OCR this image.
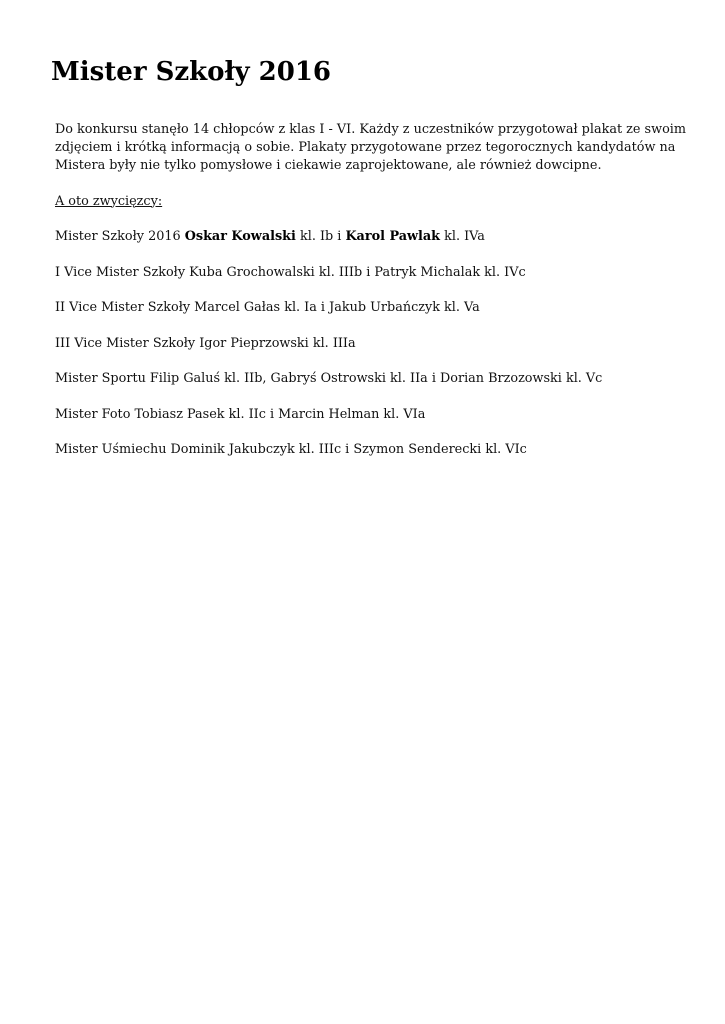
Mister Szkoły 2016

Do konkursu stanęło 14 chłopców z klas I - VI. Każdy z uczestników przygotował plakat ze swoim
zdjęciem i krótką informacją o sobie. Plakaty przygotowane przez tegorocznych kandydatów na
Mistera były nie tylko pomysłowe i ciekawie zaprojektowane, ale również dowcipne.

A oto zwycięzcy:

Mister Szkoły 2016 Oskar Kowalski kl. Ib i Karol Pawlak kl. IVa

I Vice Mister Szkoły Kuba Grochowalski kl. IIIb i Patryk Michalak kl. IVc

II Vice Mister Szkoły Marcel Gałas kl. Ia i Jakub Urbańczyk kl. Va

III Vice Mister Szkoły Igor Pieprzowski kl. IIIa

Mister Sportu Filip Galuś kl. IIb, Gabryś Ostrowski kl. IIa i Dorian Brzozowski kl. Vc

Mister Foto Tobiasz Pasek kl. IIc i Marcin Helman kl. VIa

Mister Uśmiechu Dominik Jakubczyk kl. IIIc i Szymon Senderecki kl. VIc
